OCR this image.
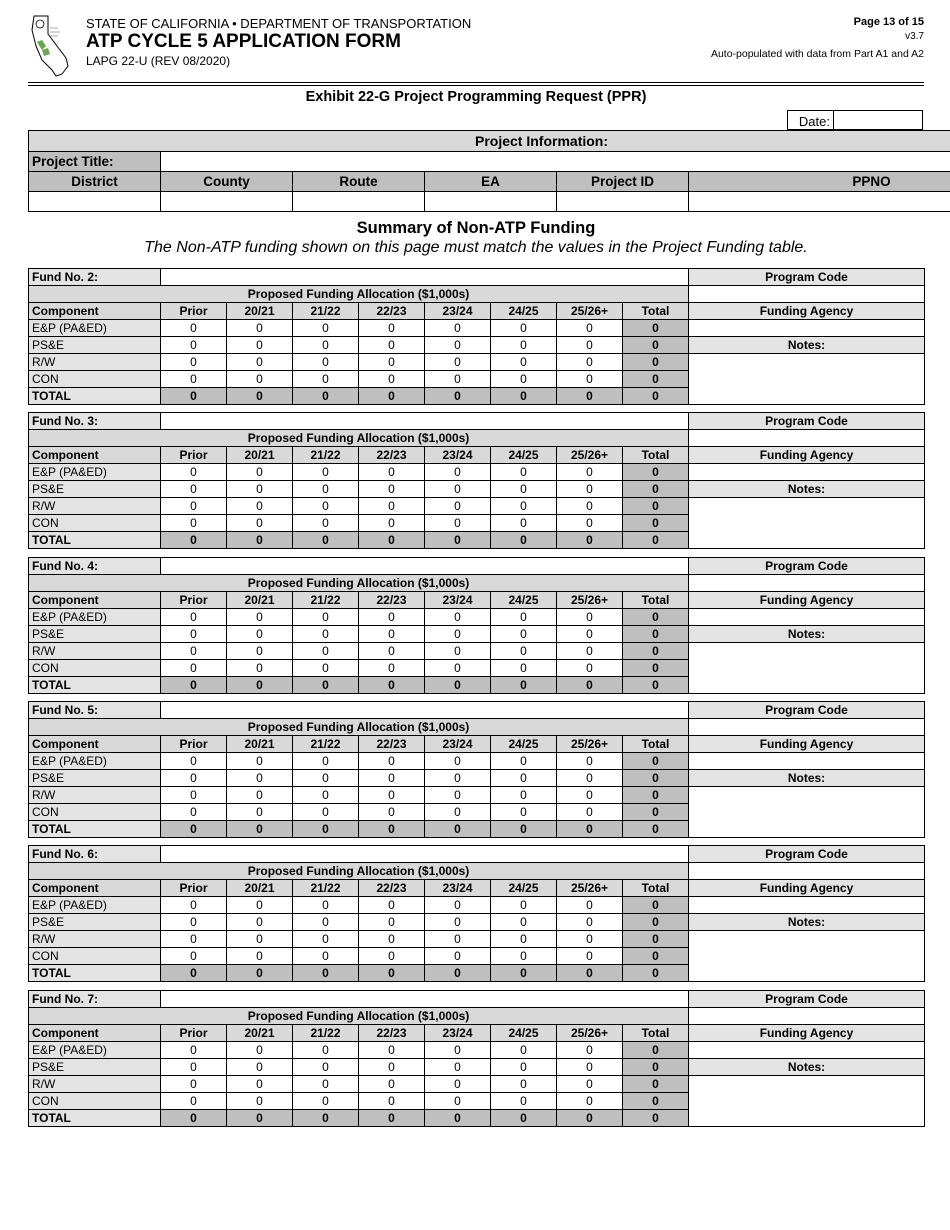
STATE OF CALIFORNIA • DEPARTMENT OF TRANSPORTATION
ATP CYCLE 5 APPLICATION FORM
LAPG 22-U (REV 08/2020)
Page 13 of 15
v3.7
Auto-populated with data from Part A1 and A2
Exhibit 22-G Project Programming Request (PPR)
Date:
Project Information:					
Project Title:					
District	County	Route	EA	Project ID	PPNO

Summary of Non-ATP Funding
The Non-ATP funding shown on this page must match the values in the Project Funding table.
Fund No. 2:									Program Code
Proposed Funding Allocation ($1,000s)									
Component	Prior	20/21	21/22	22/23	23/24	24/25	25/26+	Total	Funding Agency
E&P (PA&ED)	0	0	0	0	0	0	0	0	
PS&E	0	0	0	0	0	0	0	0	Notes:
R/W	0	0	0	0	0	0	0	0	
CON	0	0	0	0	0	0	0	0	
TOTAL	0	0	0	0	0	0	0	0	
Fund No. 3:									Program Code
Proposed Funding Allocation ($1,000s)									
Component	Prior	20/21	21/22	22/23	23/24	24/25	25/26+	Total	Funding Agency
E&P (PA&ED)	0	0	0	0	0	0	0	0	
PS&E	0	0	0	0	0	0	0	0	Notes:
R/W	0	0	0	0	0	0	0	0	
CON	0	0	0	0	0	0	0	0	
TOTAL	0	0	0	0	0	0	0	0	
Fund No. 4:									Program Code
Proposed Funding Allocation ($1,000s)									
Component	Prior	20/21	21/22	22/23	23/24	24/25	25/26+	Total	Funding Agency
E&P (PA&ED)	0	0	0	0	0	0	0	0	
PS&E	0	0	0	0	0	0	0	0	Notes:
R/W	0	0	0	0	0	0	0	0	
CON	0	0	0	0	0	0	0	0	
TOTAL	0	0	0	0	0	0	0	0	
Fund No. 5:									Program Code
Proposed Funding Allocation ($1,000s)									
Component	Prior	20/21	21/22	22/23	23/24	24/25	25/26+	Total	Funding Agency
E&P (PA&ED)	0	0	0	0	0	0	0	0	
PS&E	0	0	0	0	0	0	0	0	Notes:
R/W	0	0	0	0	0	0	0	0	
CON	0	0	0	0	0	0	0	0	
TOTAL	0	0	0	0	0	0	0	0	
Fund No. 6:									Program Code
Proposed Funding Allocation ($1,000s)									
Component	Prior	20/21	21/22	22/23	23/24	24/25	25/26+	Total	Funding Agency
E&P (PA&ED)	0	0	0	0	0	0	0	0	
PS&E	0	0	0	0	0	0	0	0	Notes:
R/W	0	0	0	0	0	0	0	0	
CON	0	0	0	0	0	0	0	0	
TOTAL	0	0	0	0	0	0	0	0	
Fund No. 7:									Program Code
Proposed Funding Allocation ($1,000s)									
Component	Prior	20/21	21/22	22/23	23/24	24/25	25/26+	Total	Funding Agency
E&P (PA&ED)	0	0	0	0	0	0	0	0	
PS&E	0	0	0	0	0	0	0	0	Notes:
R/W	0	0	0	0	0	0	0	0	
CON	0	0	0	0	0	0	0	0	
TOTAL	0	0	0	0	0	0	0	0	
